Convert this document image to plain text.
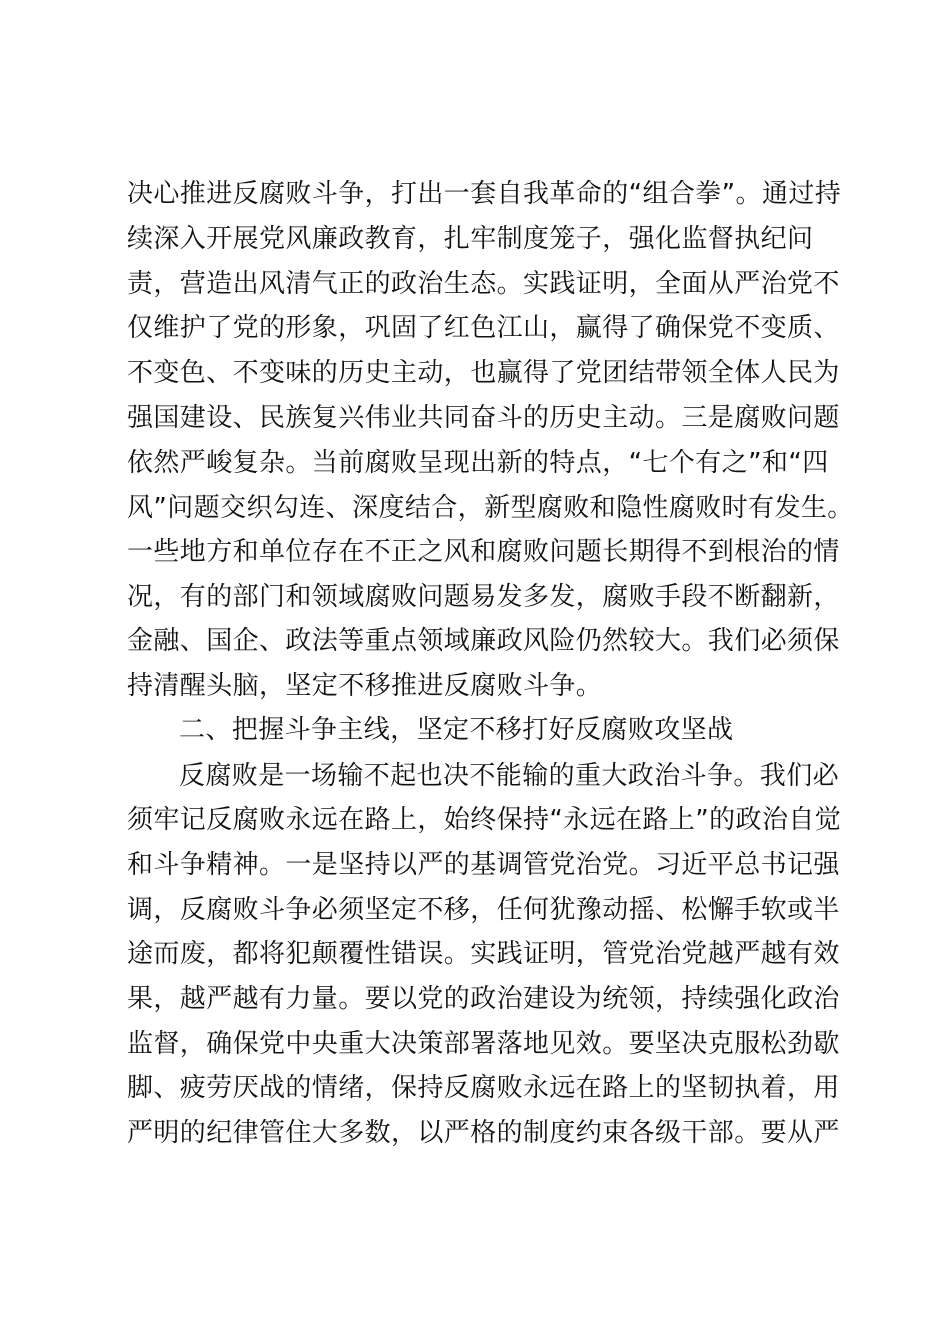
决心推进反腐败斗争，打出一套自我革命的“组合拳”。通过持
续深入开展党风廉政教育，扎牢制度笼子，强化监督执纪问
责，营造出风清气正的政治生态。实践证明，全面从严治党不
仅维护了党的形象，巩固了红色江山，赢得了确保党不变质、
不变色、不变味的历史主动，也赢得了党团结带领全体人民为
强国建设、民族复兴伟业共同奋斗的历史主动。三是腐败问题
依然严峻复杂。当前腐败呈现出新的特点，“七个有之”和“四
风”问题交织勾连、深度结合，新型腐败和隐性腐败时有发生。
一些地方和单位存在不正之风和腐败问题长期得不到根治的情
况，有的部门和领域腐败问题易发多发，腐败手段不断翻新，
金融、国企、政法等重点领域廉政风险仍然较大。我们必须保
持清醒头脑，坚定不移推进反腐败斗争。
二、把握斗争主线，坚定不移打好反腐败攻坚战
反腐败是一场输不起也决不能输的重大政治斗争。我们必
须牢记反腐败永远在路上，始终保持“永远在路上”的政治自觉
和斗争精神。一是坚持以严的基调管党治党。习近平总书记强
调，反腐败斗争必须坚定不移，任何犹豫动摇、松懈手软或半
途而废，都将犯颠覆性错误。实践证明，管党治党越严越有效
果，越严越有力量。要以党的政治建设为统领，持续强化政治
监督，确保党中央重大决策部署落地见效。要坚决克服松劲歇
脚、疲劳厌战的情绪，保持反腐败永远在路上的坚韧执着，用
严明的纪律管住大多数，以严格的制度约束各级干部。要从严
